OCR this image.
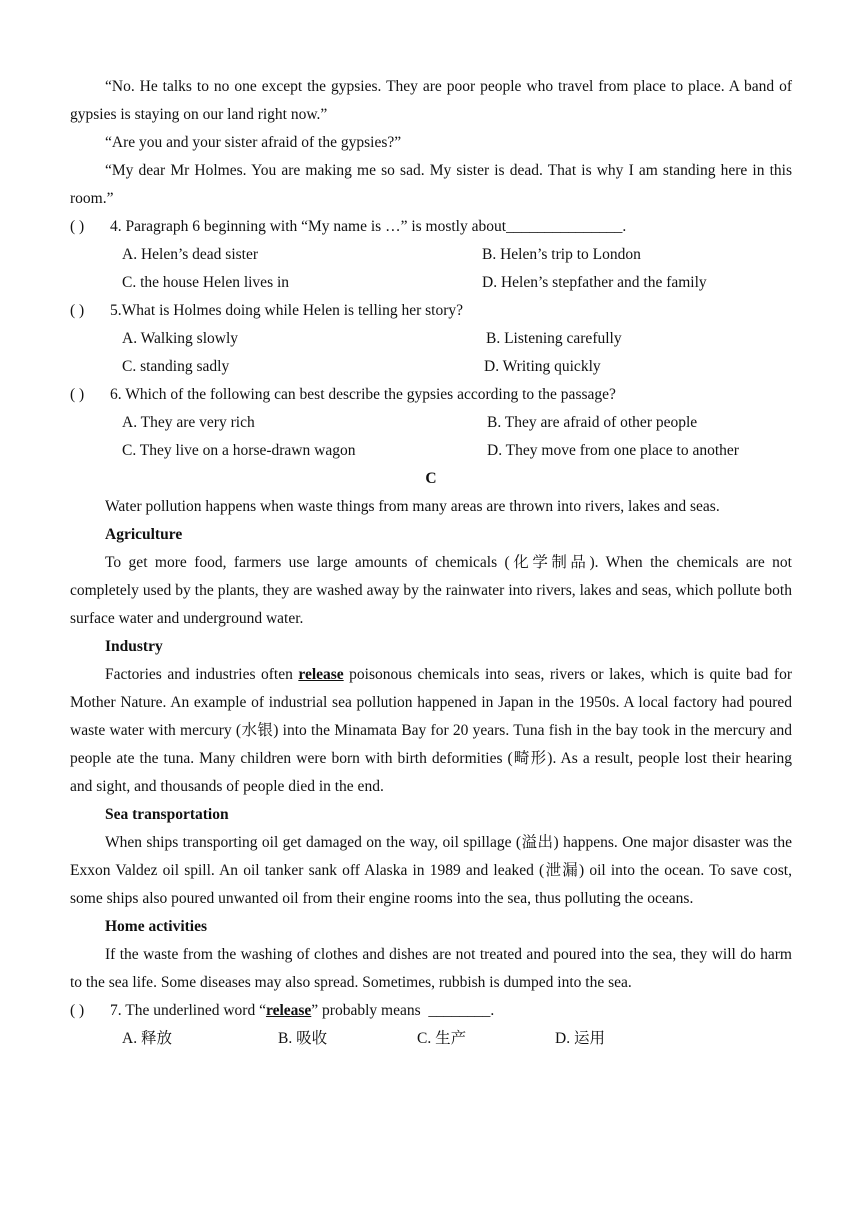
“No. He talks to no one except the gypsies. They are poor people who travel from place to place. A band of gypsies is staying on our land right now.”

“Are you and your sister afraid of the gypsies?”

“My dear Mr Holmes. You are making me so sad. My sister is dead. That is why I am standing here in this room.”

( ) 4. Paragraph 6 beginning with “My name is …” is mostly about_______________.
A. Helen’s dead sister	B. Helen’s trip to London
C. the house Helen lives in	D. Helen’s stepfather and the family
( ) 5.What is Holmes doing while Helen is telling her story?
A. Walking slowly	B. Listening carefully
C. standing sadly	D. Writing quickly
( ) 6. Which of the following can best describe the gypsies according to the passage?
A. They are very rich	B. They are afraid of other people
C. They live on a horse-drawn wagon	D. They move from one place to another
C

Water pollution happens when waste things from many areas are thrown into rivers, lakes and seas.

Agriculture

To get more food, farmers use large amounts of chemicals (化学制品). When the chemicals are not completely used by the plants, they are washed away by the rainwater into rivers, lakes and seas, which pollute both surface water and underground water.

Industry

Factories and industries often release poisonous chemicals into seas, rivers or lakes, which is quite bad for Mother Nature. An example of industrial sea pollution happened in Japan in the 1950s. A local factory had poured waste water with mercury (水银) into the Minamata Bay for 20 years. Tuna fish in the bay took in the mercury and people ate the tuna. Many children were born with birth deformities (畸形). As a result, people lost their hearing and sight, and thousands of people died in the end.

Sea transportation

When ships transporting oil get damaged on the way, oil spillage (溢出) happens. One major disaster was the Exxon Valdez oil spill. An oil tanker sank off Alaska in 1989 and leaked (泄漏) oil into the ocean. To save cost, some ships also poured unwanted oil from their engine rooms into the sea, thus polluting the oceans.

Home activities

If the waste from the washing of clothes and dishes are not treated and poured into the sea, they will do harm to the sea life. Some diseases may also spread. Sometimes, rubbish is dumped into the sea.

( ) 7. The underlined word “release” probably means  ________.
A. 释放	B. 吸收	C. 生产	D. 运用
